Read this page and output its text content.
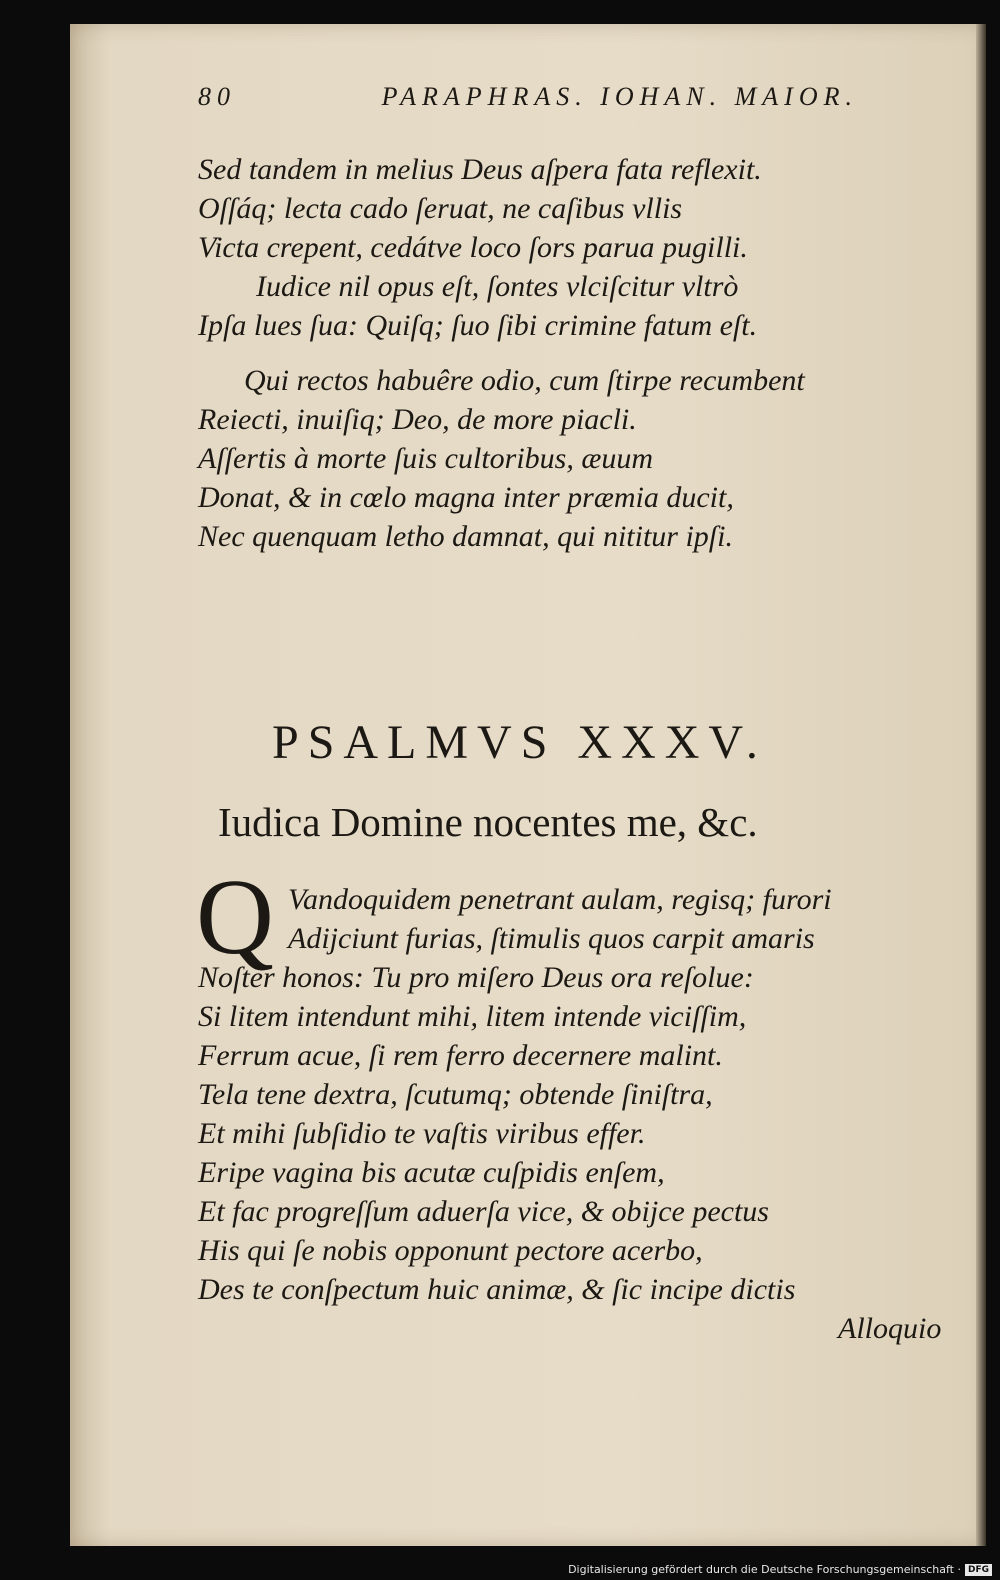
80	PARAPHRAS. IOHAN. MAIOR.
Sed tandem in melius Deus aſpera fata reflexit.
Oſſáq; lecta cado ſeruat, ne caſibus vllis
Victa crepent, cedátve loco ſors parua pugilli.
Iudice nil opus eſt, ſontes vlciſcitur vltrò
Ipſa lues ſua: Quiſq; ſuo ſibi crimine fatum eſt.
Qui rectos habuêre odio, cum ſtirpe recumbent
Reiecti, inuiſiq; Deo, de more piacli.
Aſſertis à morte ſuis cultoribus, æuum
Donat, & in cœlo magna inter præmia ducit,
Nec quenquam letho damnat, qui nititur ipſi.
PSALMVS XXXV.
Iudica Domine nocentes me, &c.
Q Vandoquidem penetrant aulam, regisq; furori
Adijciunt furias, ſtimulis quos carpit amaris
Noſter honos: Tu pro miſero Deus ora reſolue:
Si litem intendunt mihi, litem intende viciſſim,
Ferrum acue, ſi rem ferro decernere malint.
Tela tene dextra, ſcutumq; obtende ſiniſtra,
Et mihi ſubſidio te vaſtis viribus effer.
Eripe vagina bis acutæ cuſpidis enſem,
Et fac progreſſum aduerſa vice, & obijce pectus
His qui ſe nobis opponunt pectore acerbo,
Des te conſpectum huic animæ, & ſic incipe dictis
Alloquio
Digitalisierung gefördert durch die Deutsche Forschungsgemeinschaft · DFG
